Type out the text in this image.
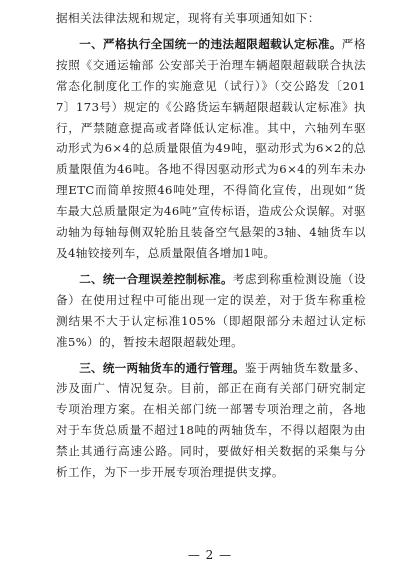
据相关法律法规和规定，现将有关事项通知如下：

一、严格执行全国统一的违法超限超载认定标准。严格按照《交通运输部 公安部关于治理车辆超限超载联合执法常态化制度化工作的实施意见（试行）》（交公路发〔2017〕173号）规定的《公路货运车辆超限超载认定标准》执行，严禁随意提高或者降低认定标准。其中，六轴列车驱动形式为6×4的总质量限值为49吨，驱动形式为6×2的总质量限值为46吨。各地不得因驱动形式为6×4的列车未办理ETC而简单按照46吨处理，不得简化宣传，出现如“货车最大总质量限定为46吨”宣传标语，造成公众误解。对驱动轴为每轴每侧双轮胎且装备空气悬架的3轴、4轴货车以及4轴铰接列车，总质量限值各增加1吨。

二、统一合理误差控制标准。考虑到称重检测设施（设备）在使用过程中可能出现一定的误差，对于货车称重检测结果不大于认定标准105%（即超限部分未超过认定标准5%）的，暂按未超限超载处理。

三、统一两轴货车的通行管理。鉴于两轴货车数量多、涉及面广、情况复杂。目前，部正在商有关部门研究制定专项治理方案。在相关部门统一部署专项治理之前，各地对于车货总质量不超过18吨的两轴货车，不得以超限为由禁止其通行高速公路。同时，要做好相关数据的采集与分析工作，为下一步开展专项治理提供支撑。

— 2 —
